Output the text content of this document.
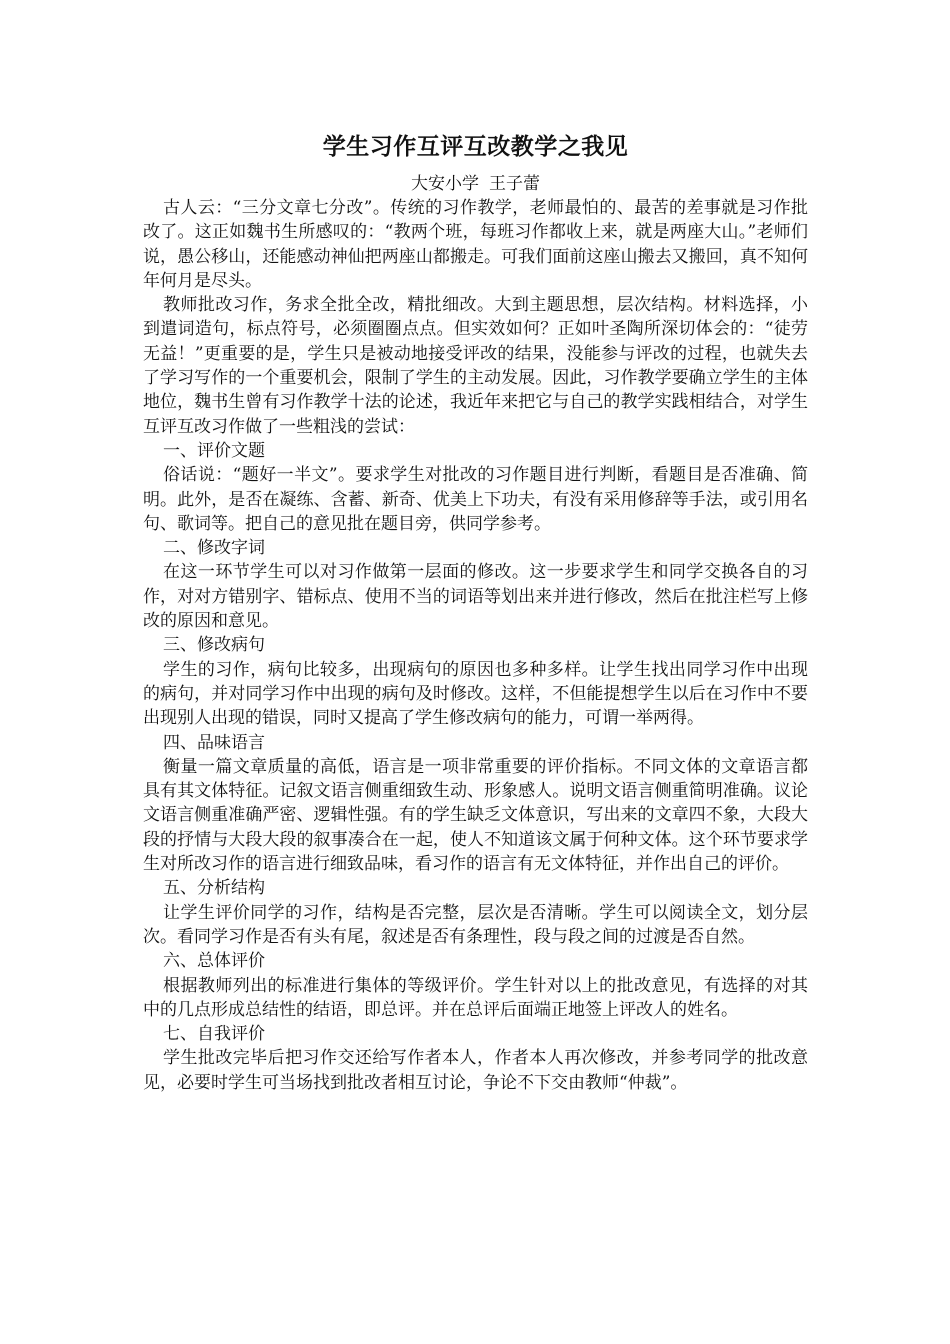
学生习作互评互改教学之我见
大安小学 王子蕾

古人云：“三分文章七分改”。传统的习作教学，老师最怕的、最苦的差事就是习作批改了。这正如魏书生所感叹的：“教两个班，每班习作都收上来，就是两座大山。”老师们说，愚公移山，还能感动神仙把两座山都搬走。可我们面前这座山搬去又搬回，真不知何年何月是尽头。

教师批改习作，务求全批全改，精批细改。大到主题思想，层次结构。材料选择，小到遣词造句，标点符号，必须圈圈点点。但实效如何？正如叶圣陶所深切体会的：“徒劳无益！”更重要的是，学生只是被动地接受评改的结果，没能参与评改的过程，也就失去了学习写作的一个重要机会，限制了学生的主动发展。因此，习作教学要确立学生的主体地位，魏书生曾有习作教学十法的论述，我近年来把它与自己的教学实践相结合，对学生互评互改习作做了一些粗浅的尝试：

一、评价文题

俗话说：“题好一半文”。要求学生对批改的习作题目进行判断，看题目是否准确、简明。此外，是否在凝练、含蓄、新奇、优美上下功夫，有没有采用修辞等手法，或引用名句、歌词等。把自己的意见批在题目旁，供同学参考。

二、修改字词

在这一环节学生可以对习作做第一层面的修改。这一步要求学生和同学交换各自的习作，对对方错别字、错标点、使用不当的词语等划出来并进行修改，然后在批注栏写上修改的原因和意见。

三、修改病句

学生的习作，病句比较多，出现病句的原因也多种多样。让学生找出同学习作中出现的病句，并对同学习作中出现的病句及时修改。这样，不但能提想学生以后在习作中不要出现别人出现的错误，同时又提高了学生修改病句的能力，可谓一举两得。

四、品味语言

衡量一篇文章质量的高低，语言是一项非常重要的评价指标。不同文体的文章语言都具有其文体特征。记叙文语言侧重细致生动、形象感人。说明文语言侧重简明准确。议论文语言侧重准确严密、逻辑性强。有的学生缺乏文体意识，写出来的文章四不象，大段大段的抒情与大段大段的叙事凑合在一起，使人不知道该文属于何种文体。这个环节要求学生对所改习作的语言进行细致品味，看习作的语言有无文体特征，并作出自己的评价。

五、分析结构

让学生评价同学的习作，结构是否完整，层次是否清晰。学生可以阅读全文，划分层次。看同学习作是否有头有尾，叙述是否有条理性，段与段之间的过渡是否自然。

六、总体评价

根据教师列出的标准进行集体的等级评价。学生针对以上的批改意见，有选择的对其中的几点形成总结性的结语，即总评。并在总评后面端正地签上评改人的姓名。

七、自我评价

学生批改完毕后把习作交还给写作者本人，作者本人再次修改，并参考同学的批改意见，必要时学生可当场找到批改者相互讨论，争论不下交由教师“仲裁”。
